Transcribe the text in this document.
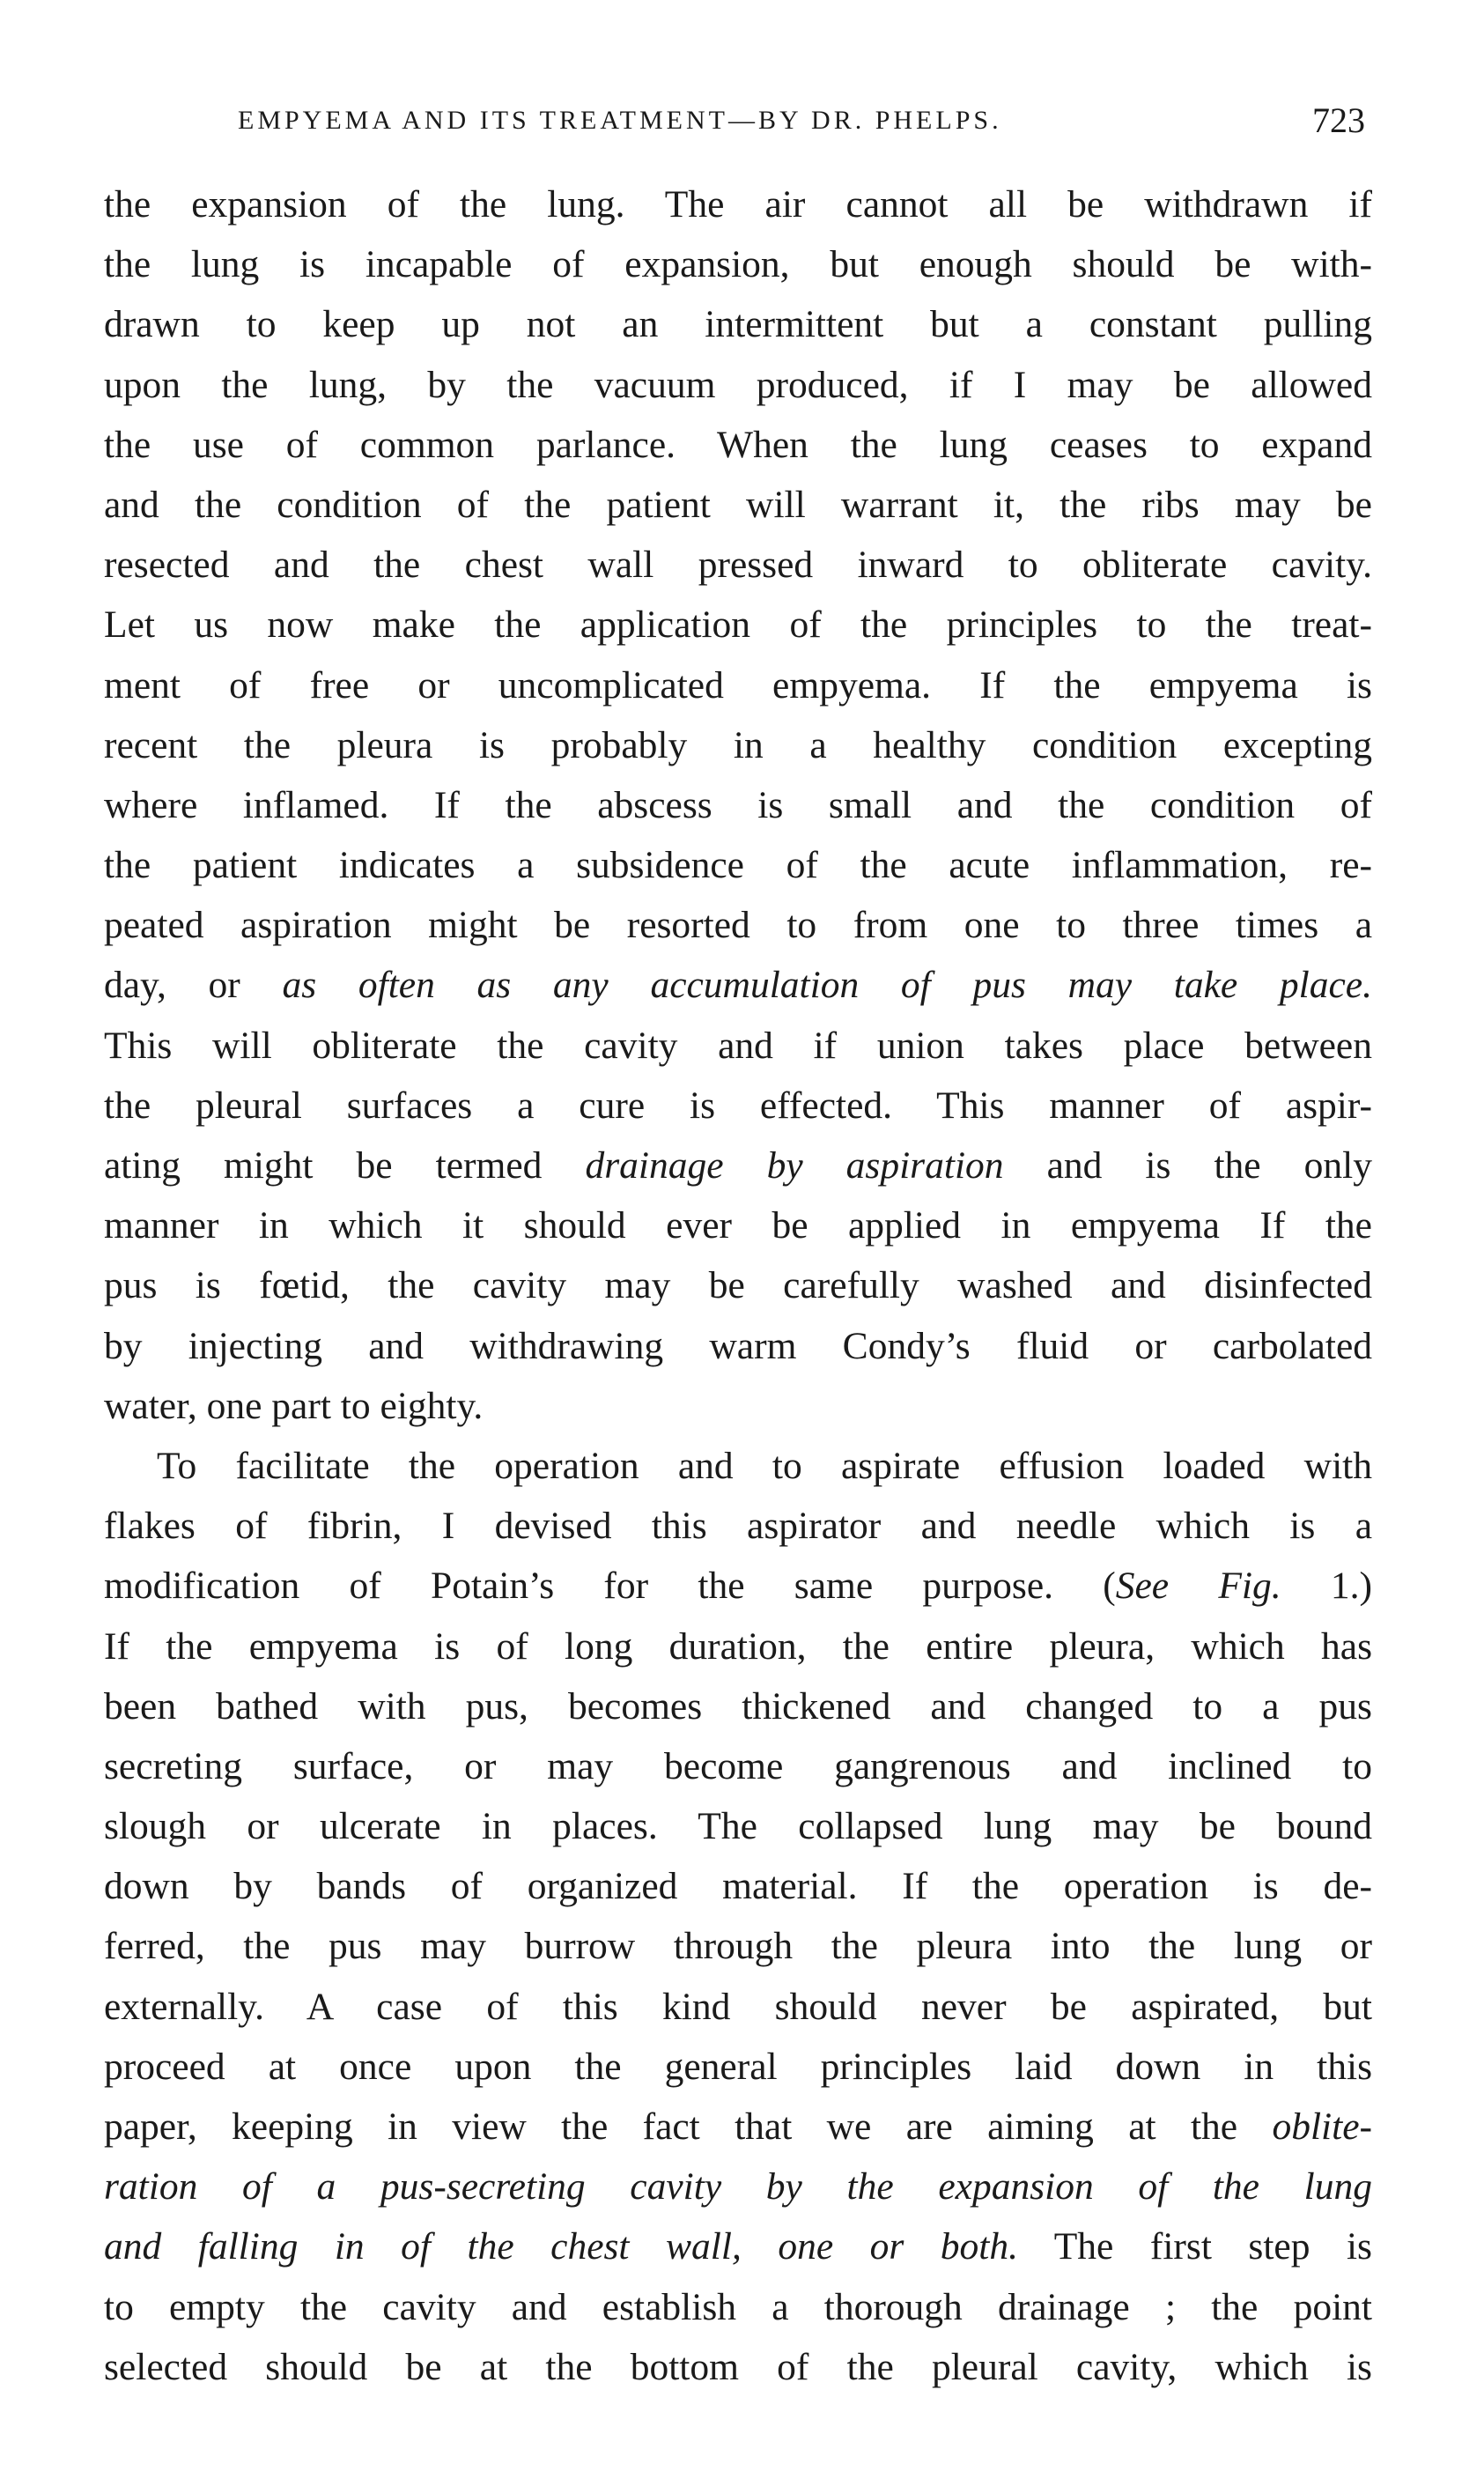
EMPYEMA AND ITS TREATMENT—BY DR. PHELPS.	723
the expansion of the lung. The air cannot all be withdrawn if
the lung is incapable of expansion, but enough should be with-
drawn to keep up not an intermittent but a constant pulling
upon the lung, by the vacuum produced, if I may be allowed
the use of common parlance. When the lung ceases to expand
and the condition of the patient will warrant it, the ribs may be
resected and the chest wall pressed inward to obliterate cavity.
Let us now make the application of the principles to the treat-
ment of free or uncomplicated empyema. If the empyema is
recent the pleura is probably in a healthy condition excepting
where inflamed. If the abscess is small and the condition of
the patient indicates a subsidence of the acute inflammation, re-
peated aspiration might be resorted to from one to three times a
day, or as often as any accumulation of pus may take place.
This will obliterate the cavity and if union takes place between
the pleural surfaces a cure is effected. This manner of aspir-
ating might be termed drainage by aspiration and is the only
manner in which it should ever be applied in empyema If the
pus is fœtid, the cavity may be carefully washed and disinfected
by injecting and withdrawing warm Condy’s fluid or carbolated
water, one part to eighty.
To facilitate the operation and to aspirate effusion loaded with
flakes of fibrin, I devised this aspirator and needle which is a
modification of Potain’s for the same purpose. (See Fig. 1.)
If the empyema is of long duration, the entire pleura, which has
been bathed with pus, becomes thickened and changed to a pus
secreting surface, or may become gangrenous and inclined to
slough or ulcerate in places. The collapsed lung may be bound
down by bands of organized material. If the operation is de-
ferred, the pus may burrow through the pleura into the lung or
externally. A case of this kind should never be aspirated, but
proceed at once upon the general principles laid down in this
paper, keeping in view the fact that we are aiming at the oblite-
ration of a pus-secreting cavity by the expansion of the lung
and falling in of the chest wall, one or both. The first step is
to empty the cavity and establish a thorough drainage ; the point
selected should be at the bottom of the pleural cavity, which is
